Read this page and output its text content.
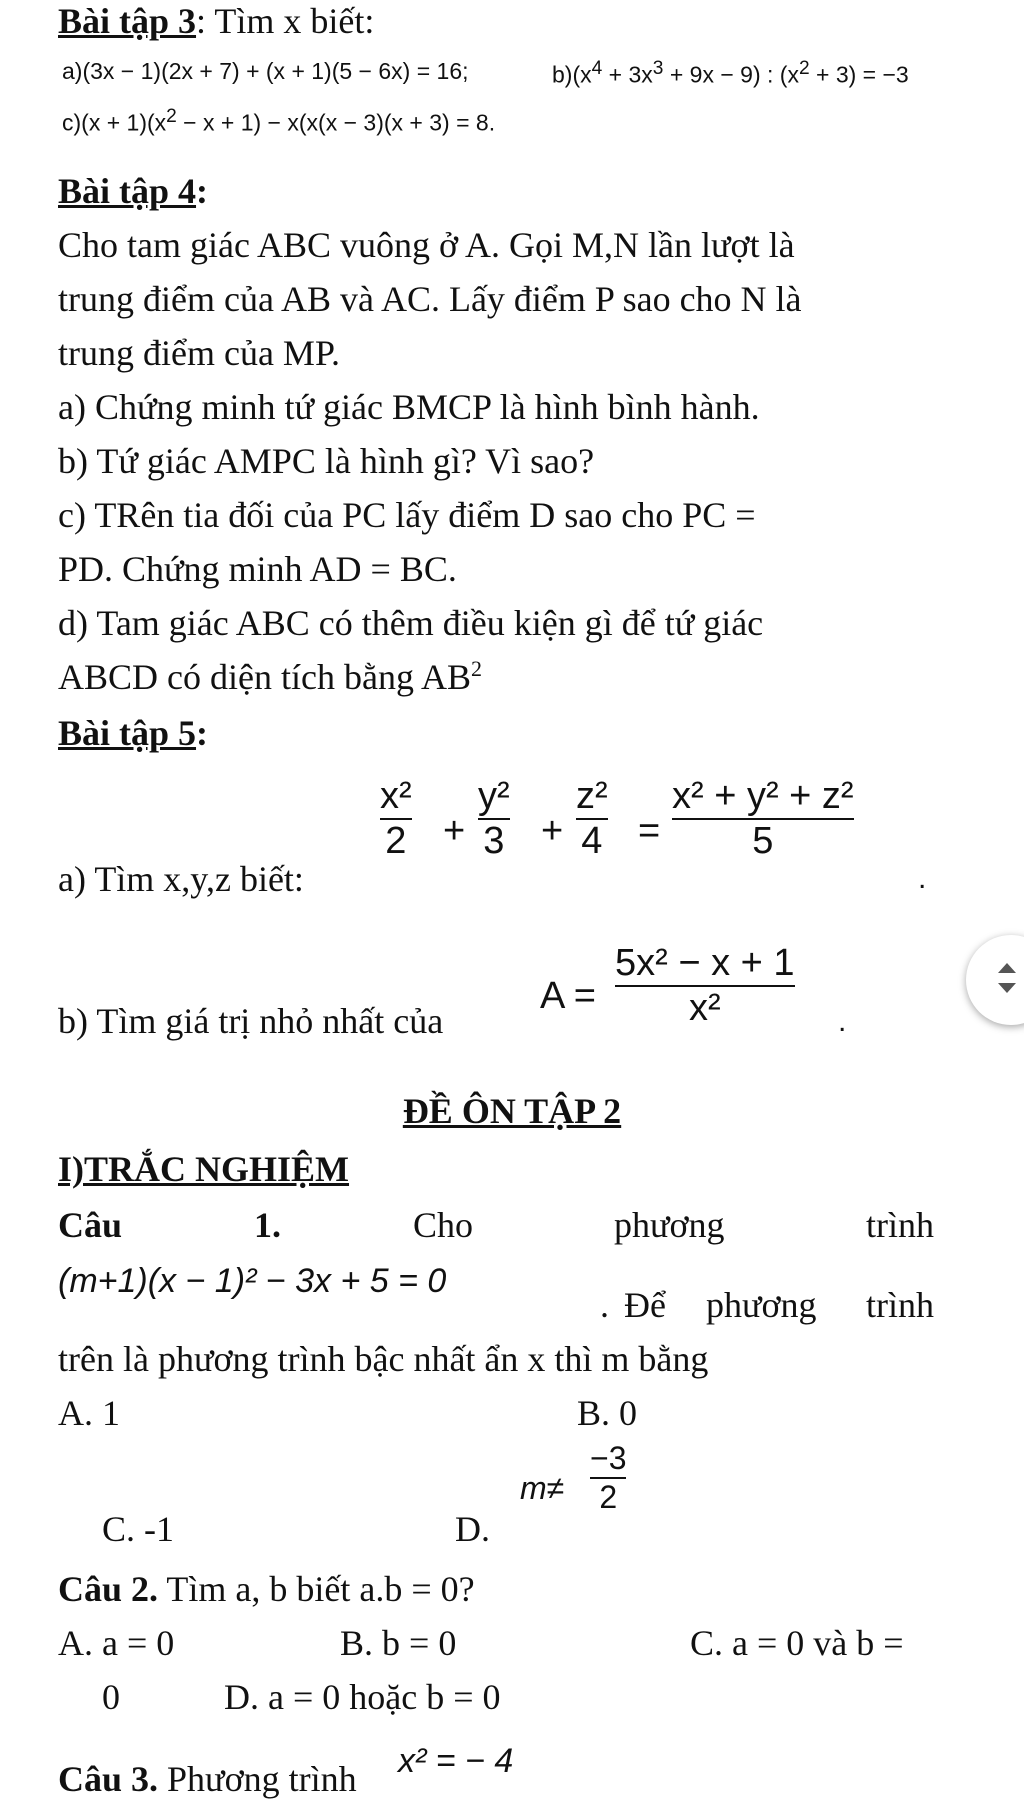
Bài tập 3: Tìm x biết:
a)(3x − 1)(2x + 7) + (x + 1)(5 − 6x) = 16;	$b)(x^4 + 3x^3 + 9x - 9)$ : $(x^2 + 3) = -3$
$c)(x + 1)(x^2 - x + 1) - x(x(x - 3)(x + 3) = 8$.
Bài tập 4:
Cho tam giác ABC vuông ở A. Gọi M,N lần lượt là
trung điểm của AB và AC. Lấy điểm P sao cho N là
trung điểm của MP.
a) Chứng minh tứ giác BMCP là hình bình hành.
b) Tứ giác AMPC là hình gì? Vì sao?
c) TRên tia đối của PC lấy điểm D sao cho PC =
PD. Chứng minh AD = BC.
d) Tam giác ABC có thêm điều kiện gì để tứ giác
ABCD có diện tích bằng $AB^2$
Bài tập 5:
a) Tìm x,y,z biết:
x²
2 +
y²
3 +
z²
4 =
x² + y² + z²
5
.
b) Tìm giá trị nhỏ nhất của
A =
5x² − x + 1
x²	.
ĐỀ ÔN TẬP 2
I)TRẮC NGHIỆM
Câu	1.	Cho	phương	trình
(m+1)(x − 1)² − 3x + 5 = 0
. Để phương trình
trên là phương trình bậc nhất ẩn x thì m bằng
A. 1	B. 0
C. -1	D.
m≠
−3
2
Câu 2. Tìm a, b biết a.b = 0?
A. a = 0	B. b = 0	C. a = 0 và b =
0	D. a = 0 hoặc b = 0
Câu 3. Phương trình x² = − 4
